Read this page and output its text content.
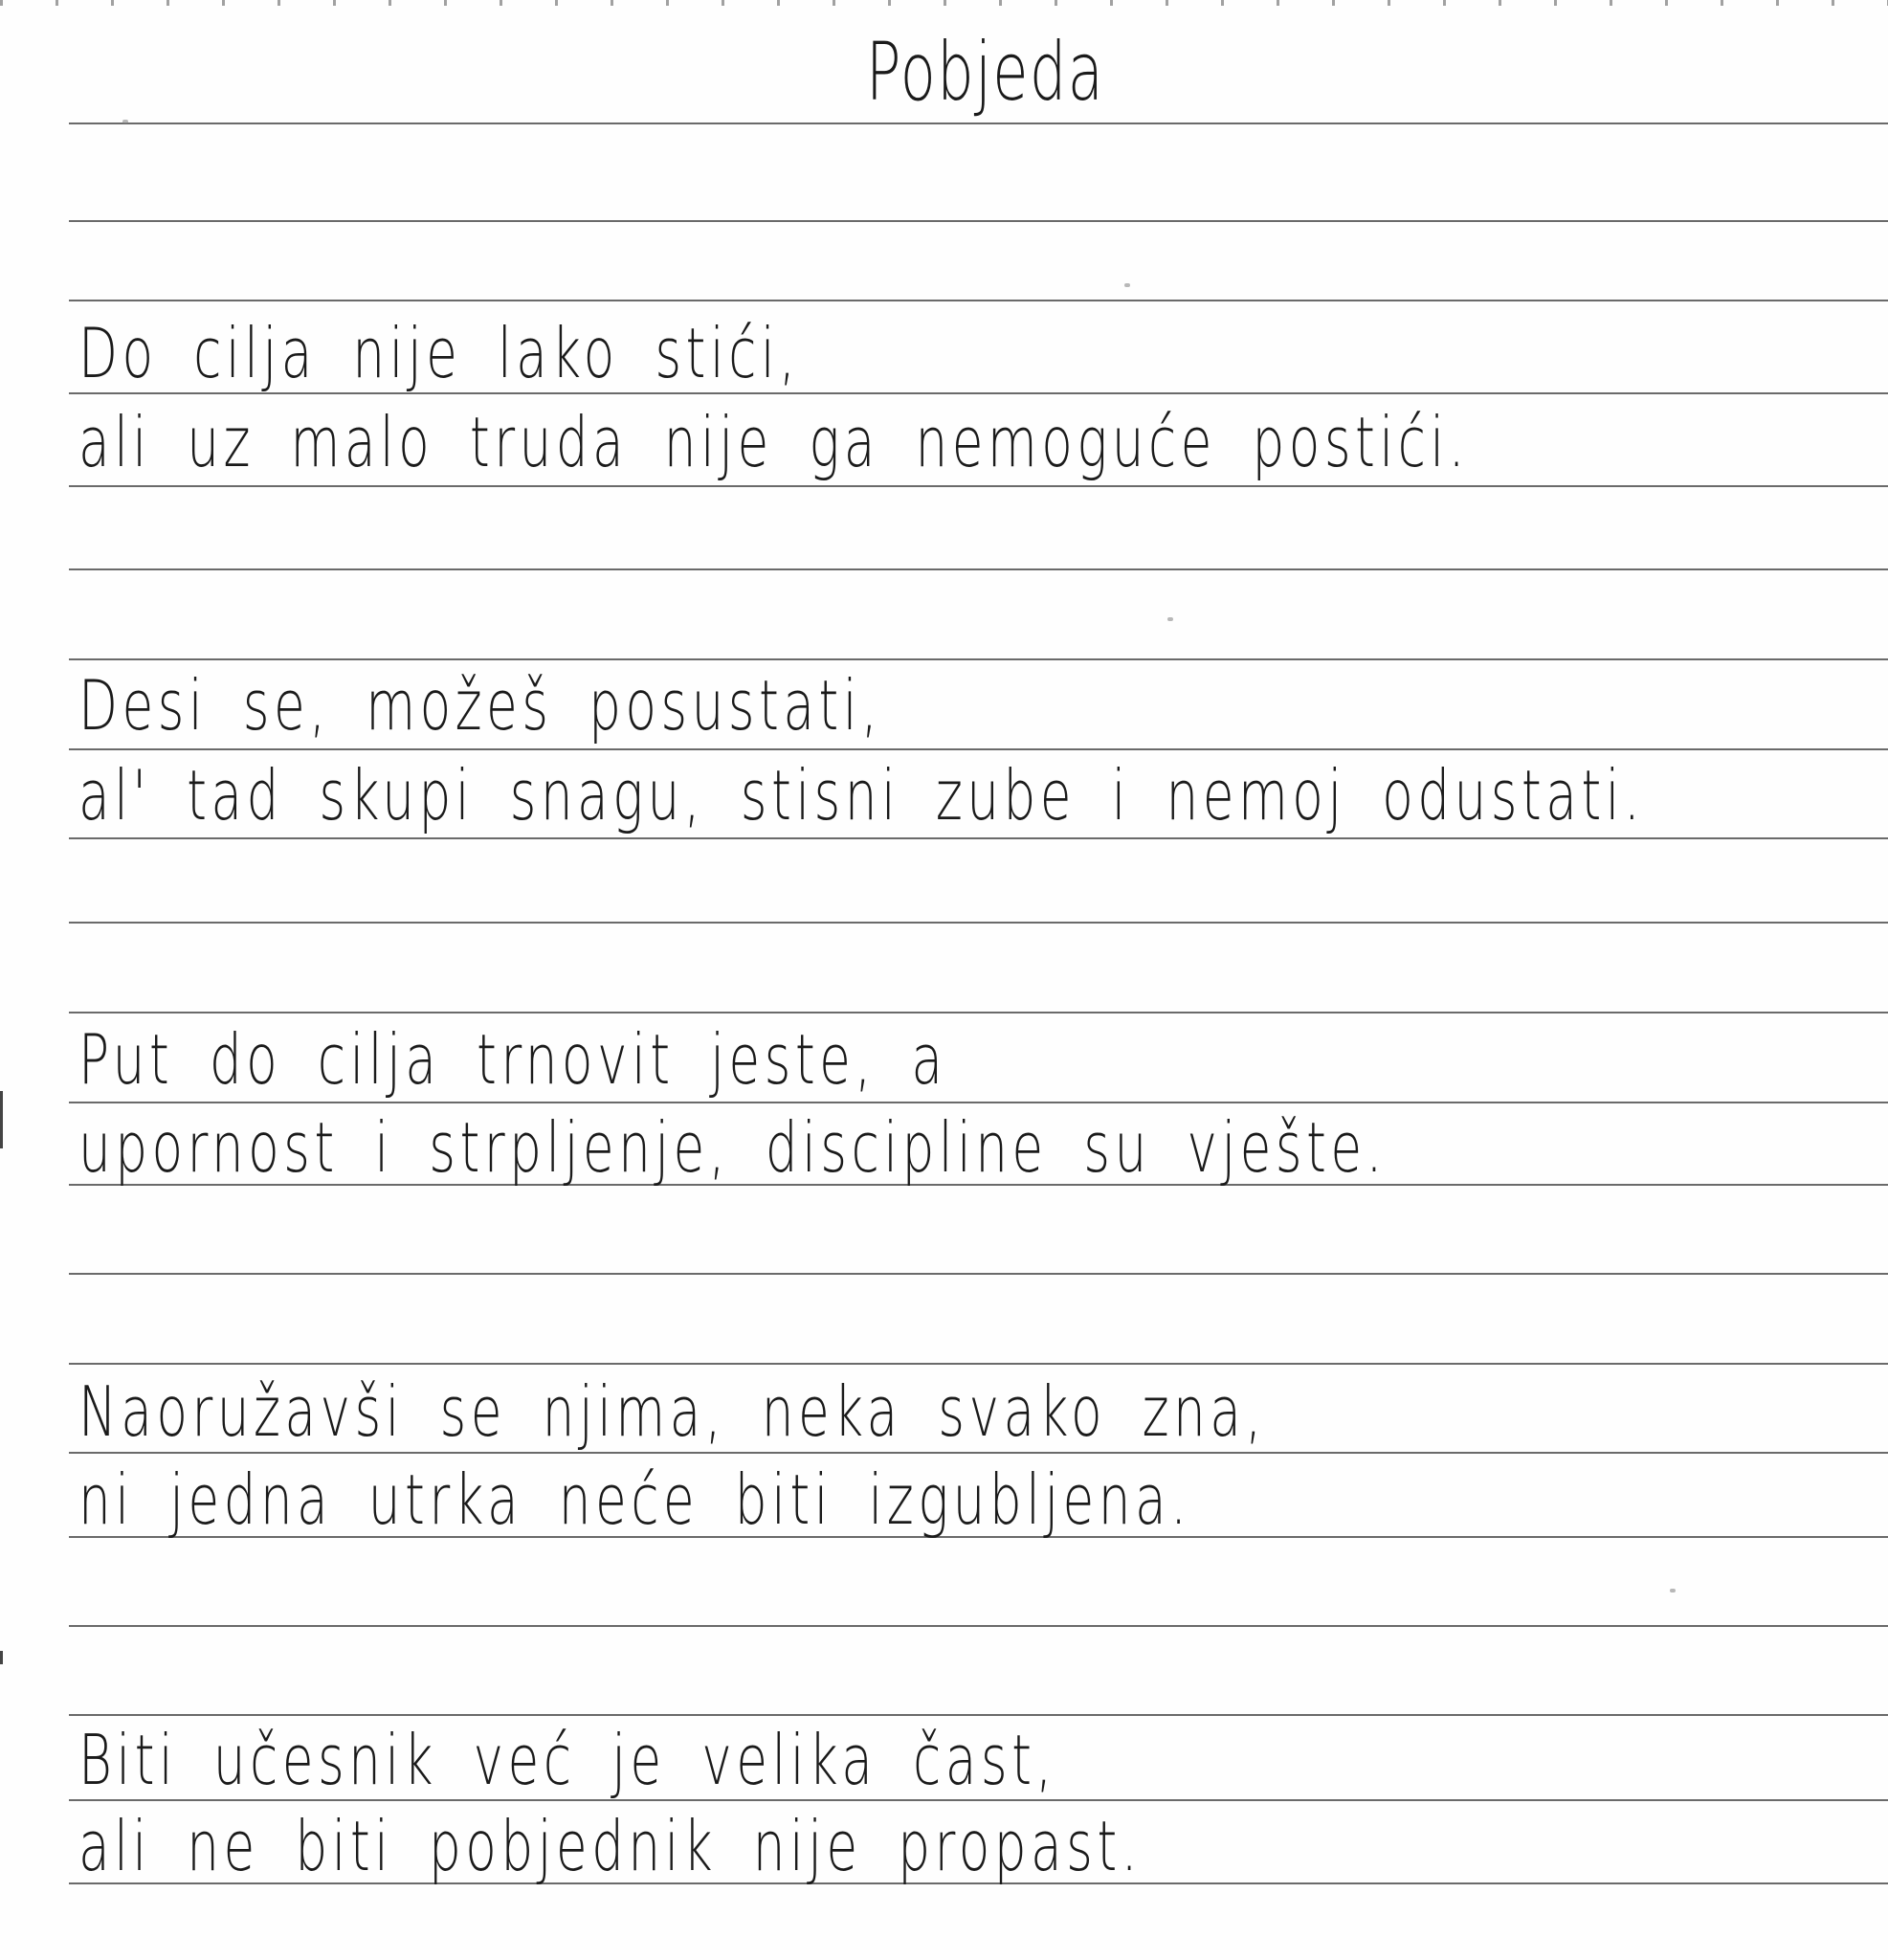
Pobjeda

Do cilja nije lako stići,

ali uz malo truda nije ga nemoguće postići.

Desi se, možeš posustati,

al' tad skupi snagu, stisni zube i nemoj odustati.

Put do cilja trnovit jeste, a

upornost i strpljenje, discipline su vješte.

Naoružavši se njima, neka svako zna,

ni jedna utrka neće biti izgubljena.

Biti učesnik već je velika čast,

ali ne biti pobjednik nije propast.
